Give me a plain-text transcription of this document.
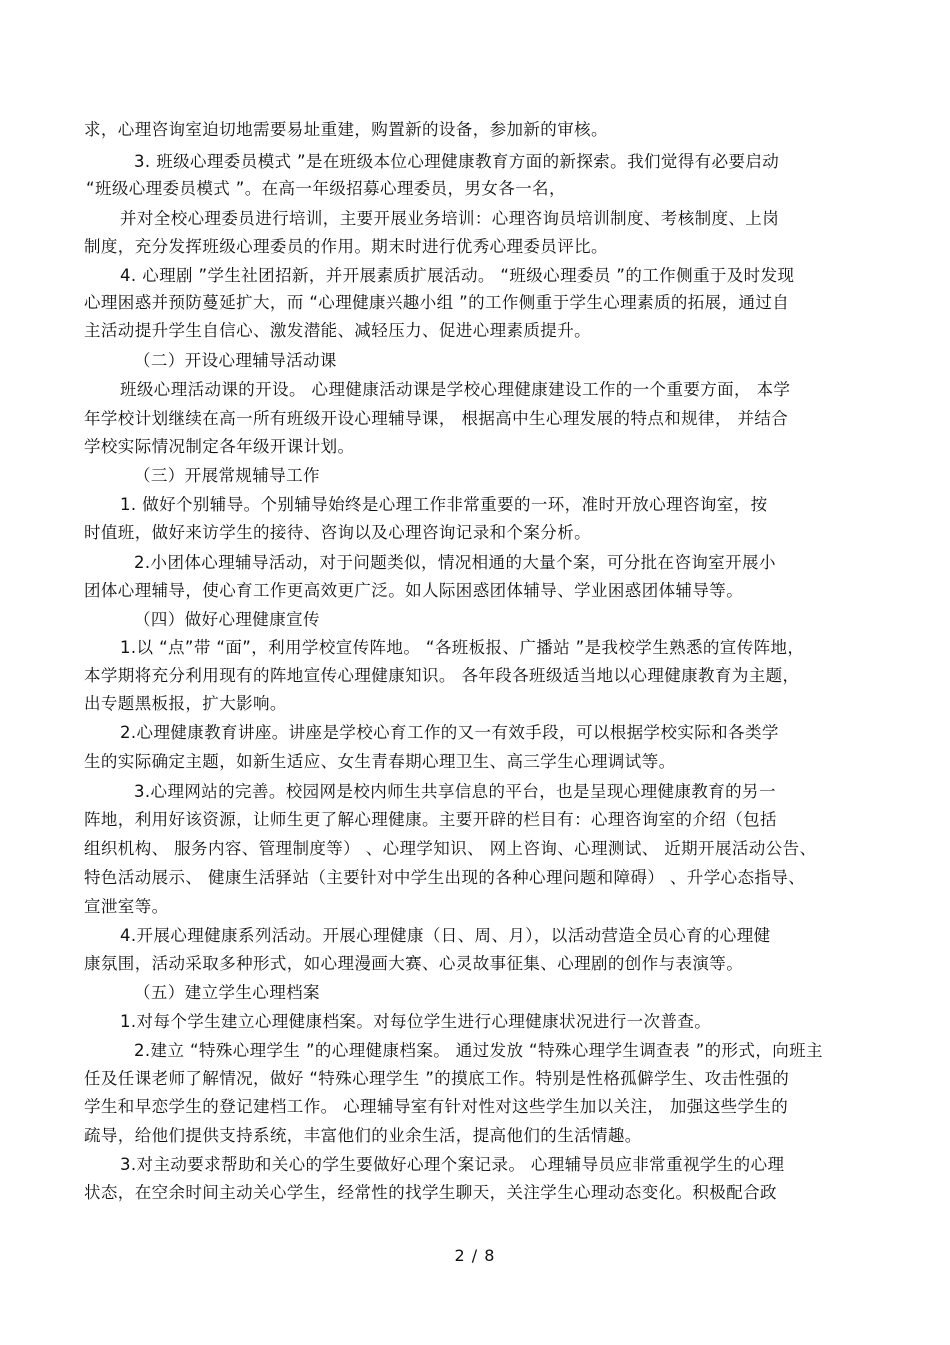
求，心理咨询室迫切地需要易址重建，购置新的设备，参加新的审核。
3. 班级心理委员模式 ”是在班级本位心理健康教育方面的新探索。我们觉得有必要启动
“班级心理委员模式 ”。在高一年级招募心理委员，男女各一名，
并对全校心理委员进行培训，主要开展业务培训：心理咨询员培训制度、考核制度、上岗
制度，充分发挥班级心理委员的作用。期末时进行优秀心理委员评比。
4. 心理剧 ”学生社团招新，并开展素质扩展活动。 “班级心理委员 ”的工作侧重于及时发现
心理困惑并预防蔓延扩大，而 “心理健康兴趣小组 ”的工作侧重于学生心理素质的拓展，通过自
主活动提升学生自信心、激发潜能、减轻压力、促进心理素质提升。
（二）开设心理辅导活动课
班级心理活动课的开设。 心理健康活动课是学校心理健康建设工作的一个重要方面， 本学
年学校计划继续在高一所有班级开设心理辅导课， 根据高中生心理发展的特点和规律， 并结合
学校实际情况制定各年级开课计划。
（三）开展常规辅导工作
1. 做好个别辅导。个别辅导始终是心理工作非常重要的一环，准时开放心理咨询室，按
时值班，做好来访学生的接待、咨询以及心理咨询记录和个案分析。
2.小团体心理辅导活动，对于问题类似，情况相通的大量个案，可分批在咨询室开展小
团体心理辅导，使心育工作更高效更广泛。如人际困惑团体辅导、学业困惑团体辅导等。
（四）做好心理健康宣传
1.以 “点”带 “面”，利用学校宣传阵地。 “各班板报、广播站 ”是我校学生熟悉的宣传阵地，
本学期将充分利用现有的阵地宣传心理健康知识。 各年段各班级适当地以心理健康教育为主题，
出专题黑板报，扩大影响。
2.心理健康教育讲座。讲座是学校心育工作的又一有效手段，可以根据学校实际和各类学
生的实际确定主题，如新生适应、女生青春期心理卫生、高三学生心理调试等。
3.心理网站的完善。校园网是校内师生共享信息的平台，也是呈现心理健康教育的另一
阵地，利用好该资源，让师生更了解心理健康。主要开辟的栏目有：心理咨询室的介绍（包括
组织机构、 服务内容、管理制度等） 、心理学知识、 网上咨询、心理测试、 近期开展活动公告、
特色活动展示、 健康生活驿站（主要针对中学生出现的各种心理问题和障碍） 、升学心态指导、
宣泄室等。
4.开展心理健康系列活动。开展心理健康（日、周、月），以活动营造全员心育的心理健
康氛围，活动采取多种形式，如心理漫画大赛、心灵故事征集、心理剧的创作与表演等。
（五）建立学生心理档案
1.对每个学生建立心理健康档案。对每位学生进行心理健康状况进行一次普查。
2.建立 “特殊心理学生 ”的心理健康档案。 通过发放 “特殊心理学生调查表 ”的形式，向班主
任及任课老师了解情况，做好 “特殊心理学生 ”的摸底工作。特别是性格孤僻学生、攻击性强的
学生和早恋学生的登记建档工作。 心理辅导室有针对性对这些学生加以关注， 加强这些学生的
疏导，给他们提供支持系统，丰富他们的业余生活，提高他们的生活情趣。
3.对主动要求帮助和关心的学生要做好心理个案记录。 心理辅导员应非常重视学生的心理
状态，在空余时间主动关心学生，经常性的找学生聊天，关注学生心理动态变化。积极配合政
2 / 8
